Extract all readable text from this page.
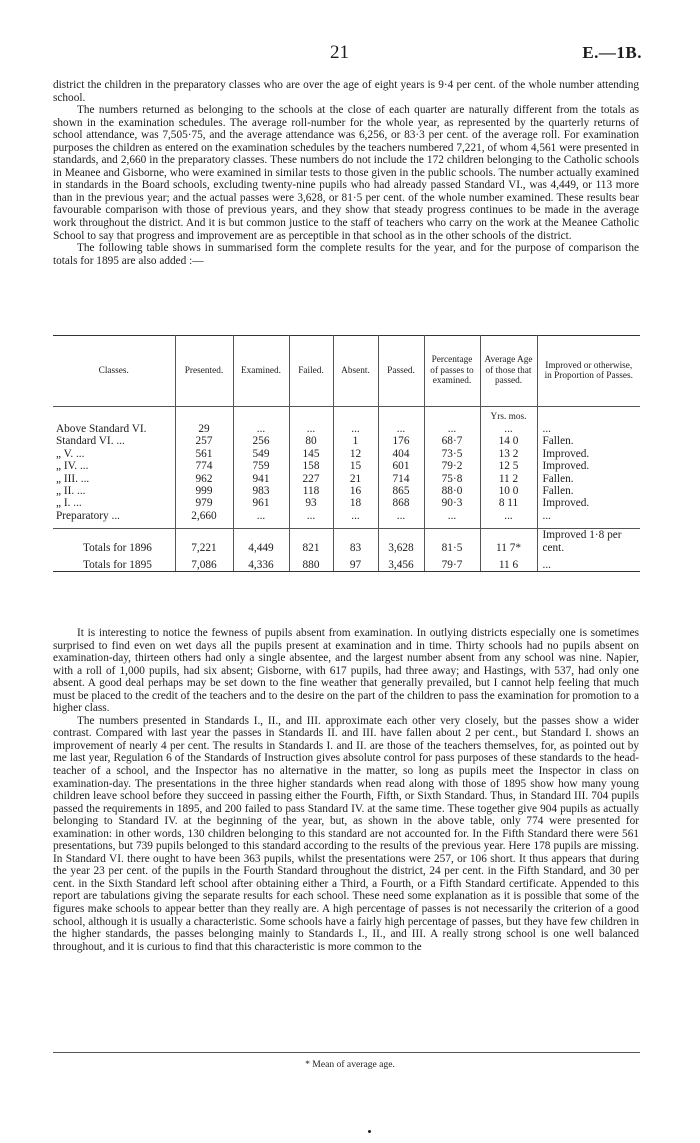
21	E.—1B.

district the children in the preparatory classes who are over the age of eight years is 9·4 per cent. of the whole number attending school.

The numbers returned as belonging to the schools at the close of each quarter are naturally different from the totals as shown in the examination schedules. The average roll-number for the whole year, as represented by the quarterly returns of school attendance, was 7,505·75, and the average attendance was 6,256, or 83·3 per cent. of the average roll. For examination purposes the children as entered on the examination schedules by the teachers numbered 7,221, of whom 4,561 were presented in standards, and 2,660 in the preparatory classes. These numbers do not include the 172 children belonging to the Catholic schools in Meanee and Gisborne, who were examined in similar tests to those given in the public schools. The number actually examined in standards in the Board schools, excluding twenty-nine pupils who had already passed Standard VI., was 4,449, or 113 more than in the previous year; and the actual passes were 3,628, or 81·5 per cent. of the whole number examined. These results bear favourable comparison with those of previous years, and they show that steady progress continues to be made in the average work throughout the district. And it is but common justice to the staff of teachers who carry on the work at the Meanee Catholic School to say that progress and improvement are as perceptible in that school as in the other schools of the district.

The following table shows in summarised form the complete results for the year, and for the purpose of comparison the totals for 1895 are also added :—

Classes.	Presented.	Examined.	Failed.	Absent.	Passed.	Percentage of passes to examined.	Average Age of those that passed.	Improved or otherwise, in Proportion of Passes.
							Yrs. mos.	
Above Standard VI.	29	...	...	...	...	...	...	...
Standard VI. ...	257	256	80	1	176	68·7	14 0	Fallen.
„ V. ...	561	549	145	12	404	73·5	13 2	Improved.
„ IV. ...	774	759	158	15	601	79·2	12 5	Improved.
„ III. ...	962	941	227	21	714	75·8	11 2	Fallen.
„ II. ...	999	983	118	16	865	88·0	10 0	Fallen.
„ I. ...	979	961	93	18	868	90·3	8 11	Improved.
Preparatory ...	2,660	...	...	...	...	...	...	...

Totals for 1896	7,221	4,449	821	83	3,628	81·5	11 7*	Improved 1·8 per cent.
Totals for 1895	7,086	4,336	880	97	3,456	79·7	11 6	...

It is interesting to notice the fewness of pupils absent from examination. In outlying districts especially one is sometimes surprised to find even on wet days all the pupils present at examination and in time. Thirty schools had no pupils absent on examination-day, thirteen others had only a single absentee, and the largest number absent from any school was nine. Napier, with a roll of 1,000 pupils, had six absent; Gisborne, with 617 pupils, had three away; and Hastings, with 537, had only one absent. A good deal perhaps may be set down to the fine weather that generally prevailed, but I cannot help feeling that much must be placed to the credit of the teachers and to the desire on the part of the children to pass the examination for promotion to a higher class.

The numbers presented in Standards I., II., and III. approximate each other very closely, but the passes show a wider contrast. Compared with last year the passes in Standards II. and III. have fallen about 2 per cent., but Standard I. shows an improvement of nearly 4 per cent. The results in Standards I. and II. are those of the teachers themselves, for, as pointed out by me last year, Regulation 6 of the Standards of Instruction gives absolute control for pass purposes of these standards to the head-teacher of a school, and the Inspector has no alternative in the matter, so long as pupils meet the Inspector in class on examination-day. The presentations in the three higher standards when read along with those of 1895 show how many young children leave school before they succeed in passing either the Fourth, Fifth, or Sixth Standard. Thus, in Standard III. 704 pupils passed the requirements in 1895, and 200 failed to pass Standard IV. at the same time. These together give 904 pupils as actually belonging to Standard IV. at the beginning of the year, but, as shown in the above table, only 774 were presented for examination: in other words, 130 children belonging to this standard are not accounted for. In the Fifth Standard there were 561 presentations, but 739 pupils belonged to this standard according to the results of the previous year. Here 178 pupils are missing. In Standard VI. there ought to have been 363 pupils, whilst the presentations were 257, or 106 short. It thus appears that during the year 23 per cent. of the pupils in the Fourth Standard throughout the district, 24 per cent. in the Fifth Standard, and 30 per cent. in the Sixth Standard left school after obtaining either a Third, a Fourth, or a Fifth Standard certificate. Appended to this report are tabulations giving the separate results for each school. These need some explanation as it is possible that some of the figures make schools to appear better than they really are. A high percentage of passes is not necessarily the criterion of a good school, although it is usually a characteristic. Some schools have a fairly high percentage of passes, but they have few children in the higher standards, the passes belonging mainly to Standards I., II., and III. A really strong school is one well balanced throughout, and it is curious to find that this characteristic is more common to the

* Mean of average age.
